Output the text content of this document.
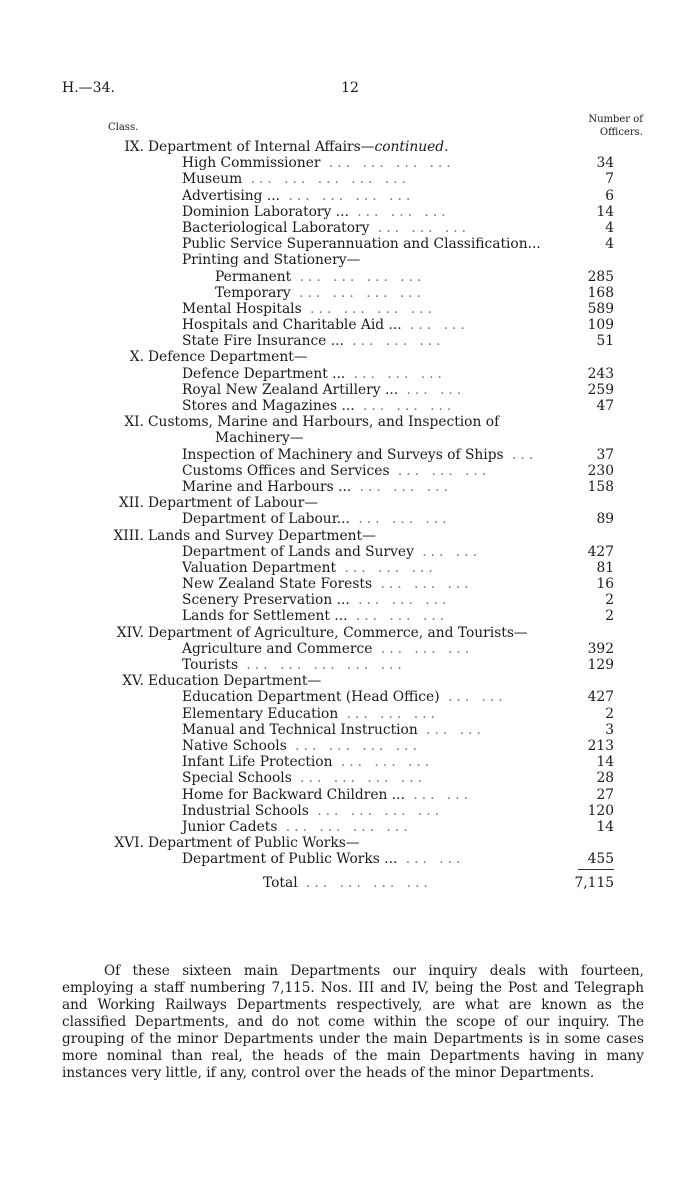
H.—34.	12
Class.
Number of
Officers.
IX. Department of Internal Affairs—continued.
High Commissioner ... ... ... ...	34
Museum ... ... ... ... ...	7
Advertising ... ... ... ... ...	6
Dominion Laboratory ... ... ... ...	14
Bacteriological Laboratory ... ... ...	4
Public Service Superannuation and Classification...	4
Printing and Stationery—
Permanent ... ... ... ...	285
Temporary ... ... ... ...	168
Mental Hospitals ... ... ... ...	589
Hospitals and Charitable Aid ... ... ...	109
State Fire Insurance ... ... ... ...	51
X. Defence Department—
Defence Department ... ... ... ...	243
Royal New Zealand Artillery ... ... ...	259
Stores and Magazines ... ... ... ...	47
XI. Customs, Marine and Harbours, and Inspection of
Machinery—
Inspection of Machinery and Surveys of Ships ...	37
Customs Offices and Services ... ... ...	230
Marine and Harbours ... ... ... ...	158
XII. Department of Labour—
Department of Labour... ... ... ...	89
XIII. Lands and Survey Department—
Department of Lands and Survey ... ...	427
Valuation Department ... ... ...	81
New Zealand State Forests ... ... ...	16
Scenery Preservation ... ... ... ...	2
Lands for Settlement ... ... ... ...	2
XIV. Department of Agriculture, Commerce, and Tourists—
Agriculture and Commerce ... ... ...	392
Tourists ... ... ... ... ...	129
XV. Education Department—
Education Department (Head Office) ... ...	427
Elementary Education ... ... ...	2
Manual and Technical Instruction ... ...	3
Native Schools ... ... ... ...	213
Infant Life Protection ... ... ...	14
Special Schools ... ... ... ...	28
Home for Backward Children ... ... ...	27
Industrial Schools ... ... ... ...	120
Junior Cadets ... ... ... ...	14
XVI. Department of Public Works—
Department of Public Works ... ... ...	455
Total ... ... ... ...	7,115
Of these sixteen main Departments our inquiry deals with fourteen, employing a staff numbering 7,115. Nos. III and IV, being the Post and Telegraph and Working Railways Departments respectively, are what are known as the classified Departments, and do not come within the scope of our inquiry. The grouping of the minor Departments under the main Departments is in some cases more nominal than real, the heads of the main Departments having in many instances very little, if any, control over the heads of the minor Departments.
